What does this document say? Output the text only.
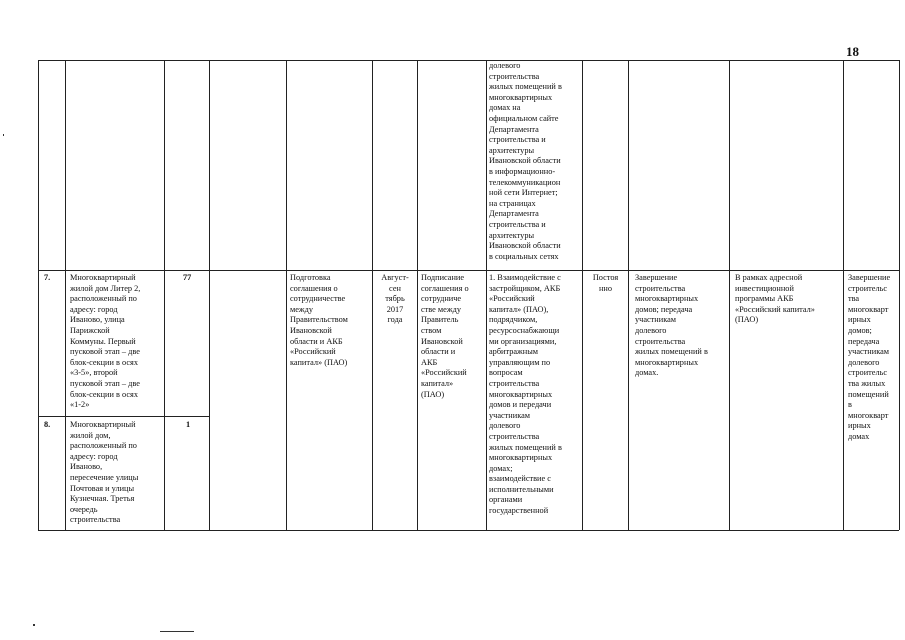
18
долевого
строительства
жилых помещений в
многоквартирных
домах на
официальном сайте
Департамента
строительства и
архитектуры
Ивановской области
в информационно-
телекоммуникацион
ной сети Интернет;
на страницах
Департамента
строительства и
архитектуры
Ивановской области
в социальных сетях
7. Многоквартирный
жилой дом Литер 2,
расположенный по
адресу: город
Иваново, улица
Парижской
Коммуны. Первый
пусковой этап – две
блок-секции в осях
«3-5», второй
пусковой этап – две
блок-секции в осях
«1-2»
77
8. Многоквартирный
жилой дом,
расположенный по
адресу: город
Иваново,
пересечение улицы
Почтовая и улицы
Кузнечная. Третья
очередь
строительства
1
Подготовка
соглашения о
сотрудничестве
между
Правительством
Ивановской
области и АКБ
«Российский
капитал» (ПАО)
Август-
сен
тябрь
2017
года
Подписание
соглашения о
сотрудниче
стве между
Правитель
ством
Ивановской
области и
АКБ
«Российский
капитал»
(ПАО)
1. Взаимодействие с
застройщиком, АКБ
«Российский
капитал» (ПАО),
подрядчиком,
ресурсоснабжающи
ми организациями,
арбитражным
управляющим по
вопросам
строительства
многоквартирных
домов и передачи
участникам
долевого
строительства
жилых помещений в
многоквартирных
домах;
взаимодействие с
исполнительными
органами
государственной
Постоя
нно
Завершение
строительства
многоквартирных
домов; передача
участникам
долевого
строительства
жилых помещений в
многоквартирных
домах.
В рамках адресной
инвестиционной
программы АКБ
«Российский капитал»
(ПАО)
Завершение
строительс
тва
многокварт
ирных
домов;
передача
участникам
долевого
строительс
тва жилых
помещений
в
многокварт
ирных
домах
